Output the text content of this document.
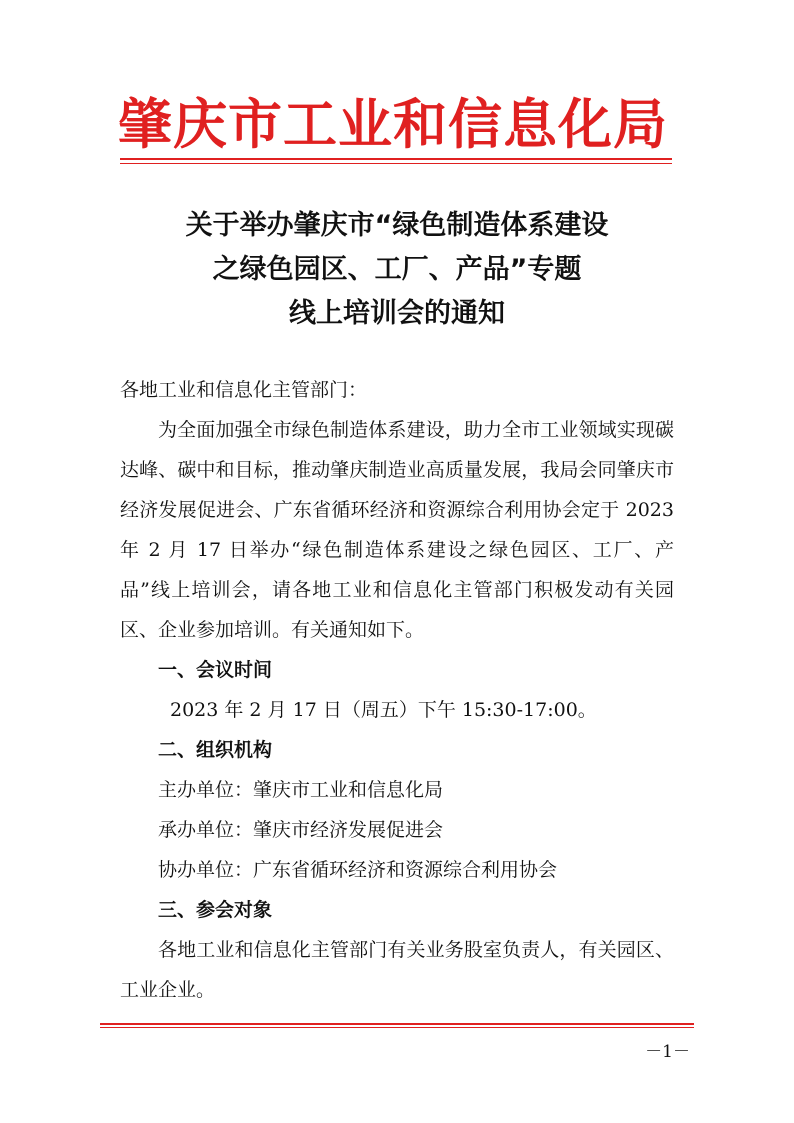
肇庆市工业和信息化局
关于举办肇庆市“绿色制造体系建设
之绿色园区、工厂、产品”专题
线上培训会的通知

各地工业和信息化主管部门：

为全面加强全市绿色制造体系建设，助力全市工业领域实现碳达峰、碳中和目标，推动肇庆制造业高质量发展，我局会同肇庆市经济发展促进会、广东省循环经济和资源综合利用协会定于 2023 年 2 月 17 日举办“绿色制造体系建设之绿色园区、工厂、产品”线上培训会，请各地工业和信息化主管部门积极发动有关园区、企业参加培训。有关通知如下。

一、会议时间

2023 年 2 月 17 日（周五）下午 15:30-17:00。

二、组织机构

主办单位：肇庆市工业和信息化局

承办单位：肇庆市经济发展促进会

协办单位：广东省循环经济和资源综合利用协会

三、参会对象

各地工业和信息化主管部门有关业务股室负责人，有关园区、工业企业。

－1－
